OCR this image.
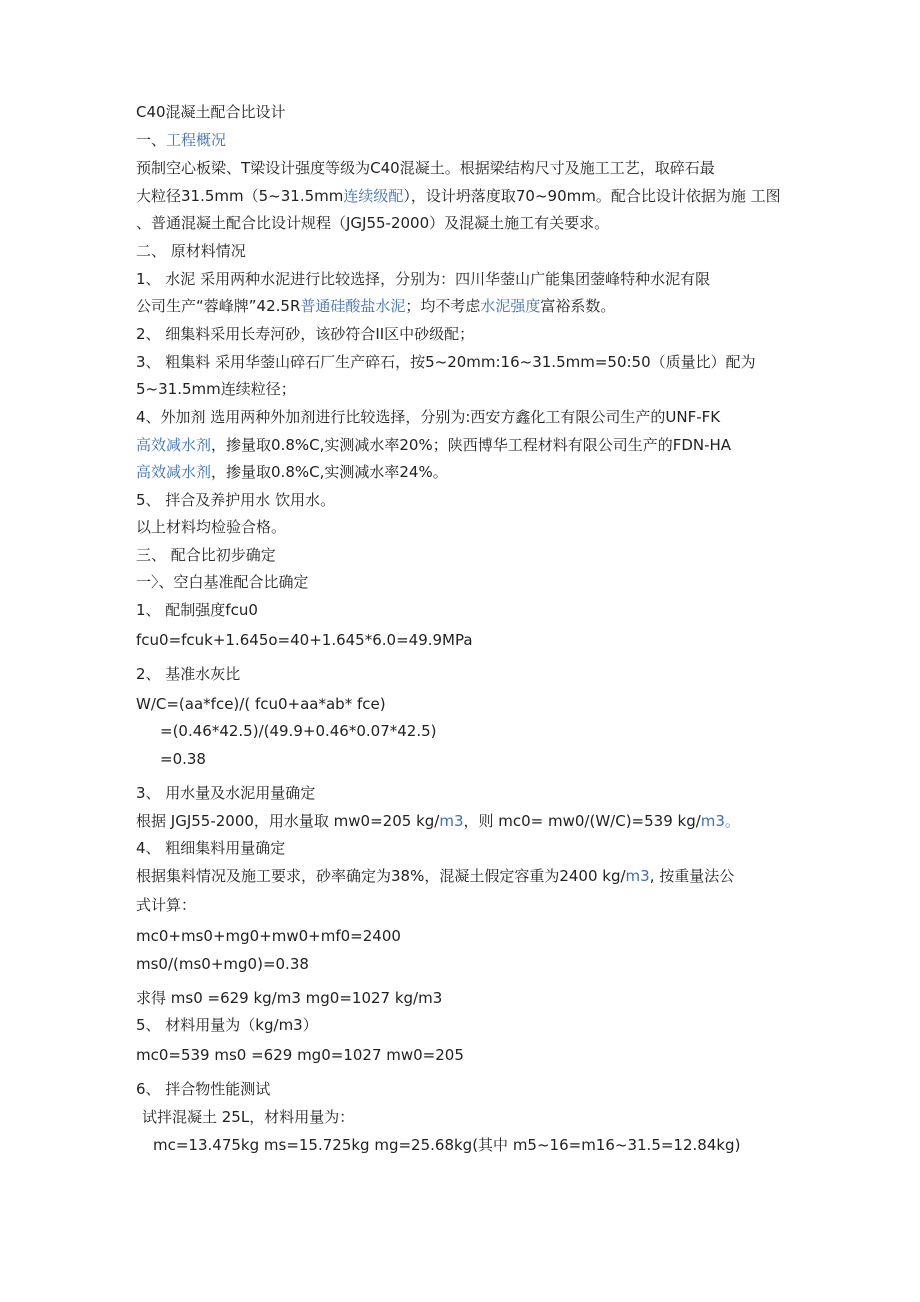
C40混凝土配合比设计

一、工程概况

预制空心板梁、T梁设计强度等级为C40混凝土。根据梁结构尺寸及施工工艺，取碎石最

大粒径31.5mm（5~31.5mm连续级配），设计坍落度取70~90mm。配合比设计依据为施 工图

、普通混凝土配合比设计规程（JGJ55-2000）及混凝土施工有关要求。

二、 原材料情况

1、 水泥 采用两种水泥进行比较选择，分别为：四川华蓥山广能集团蓥峰特种水泥有限

公司生产“蓉峰牌”42.5R普通硅酸盐水泥；均不考虑水泥强度富裕系数。

2、 细集料采用长寿河砂，该砂符合II区中砂级配；

3、 粗集料 采用华蓥山碎石厂生产碎石，按5~20mm:16~31.5mm=50:50（质量比）配为

5~31.5mm连续粒径；

4、外加剂 选用两种外加剂进行比较选择，分别为:西安方鑫化工有限公司生产的UNF-FK

高效减水剂，掺量取0.8%C,实测减水率20%；陕西博华工程材料有限公司生产的FDN-HA

高效减水剂，掺量取0.8%C,实测减水率24%。

5、 拌合及养护用水 饮用水。

以上材料均检验合格。

三、 配合比初步确定

一〉、空白基准配合比确定

1、 配制强度fcu0

fcu0=fcuk+1.645o=40+1.645*6.0=49.9MPa

2、 基准水灰比

W/C=(aa*fce)/( fcu0+aa*ab* fce)

=(0.46*42.5)/(49.9+0.46*0.07*42.5)

=0.38

3、 用水量及水泥用量确定

根据 JGJ55-2000，用水量取 mw0=205 kg/m3，则 mc0= mw0/(W/C)=539 kg/m3。

4、 粗细集料用量确定

根据集料情况及施工要求，砂率确定为38%，混凝土假定容重为2400 kg/m3, 按重量法公

式计算：

mc0+ms0+mg0+mw0+mf0=2400

ms0/(ms0+mg0)=0.38

求得 ms0 =629 kg/m3 mg0=1027 kg/m3

5、 材料用量为（kg/m3）

mc0=539 ms0 =629 mg0=1027 mw0=205

6、 拌合物性能测试

试拌混凝土 25L，材料用量为：

mc=13.475kg ms=15.725kg mg=25.68kg(其中 m5~16=m16~31.5=12.84kg)
